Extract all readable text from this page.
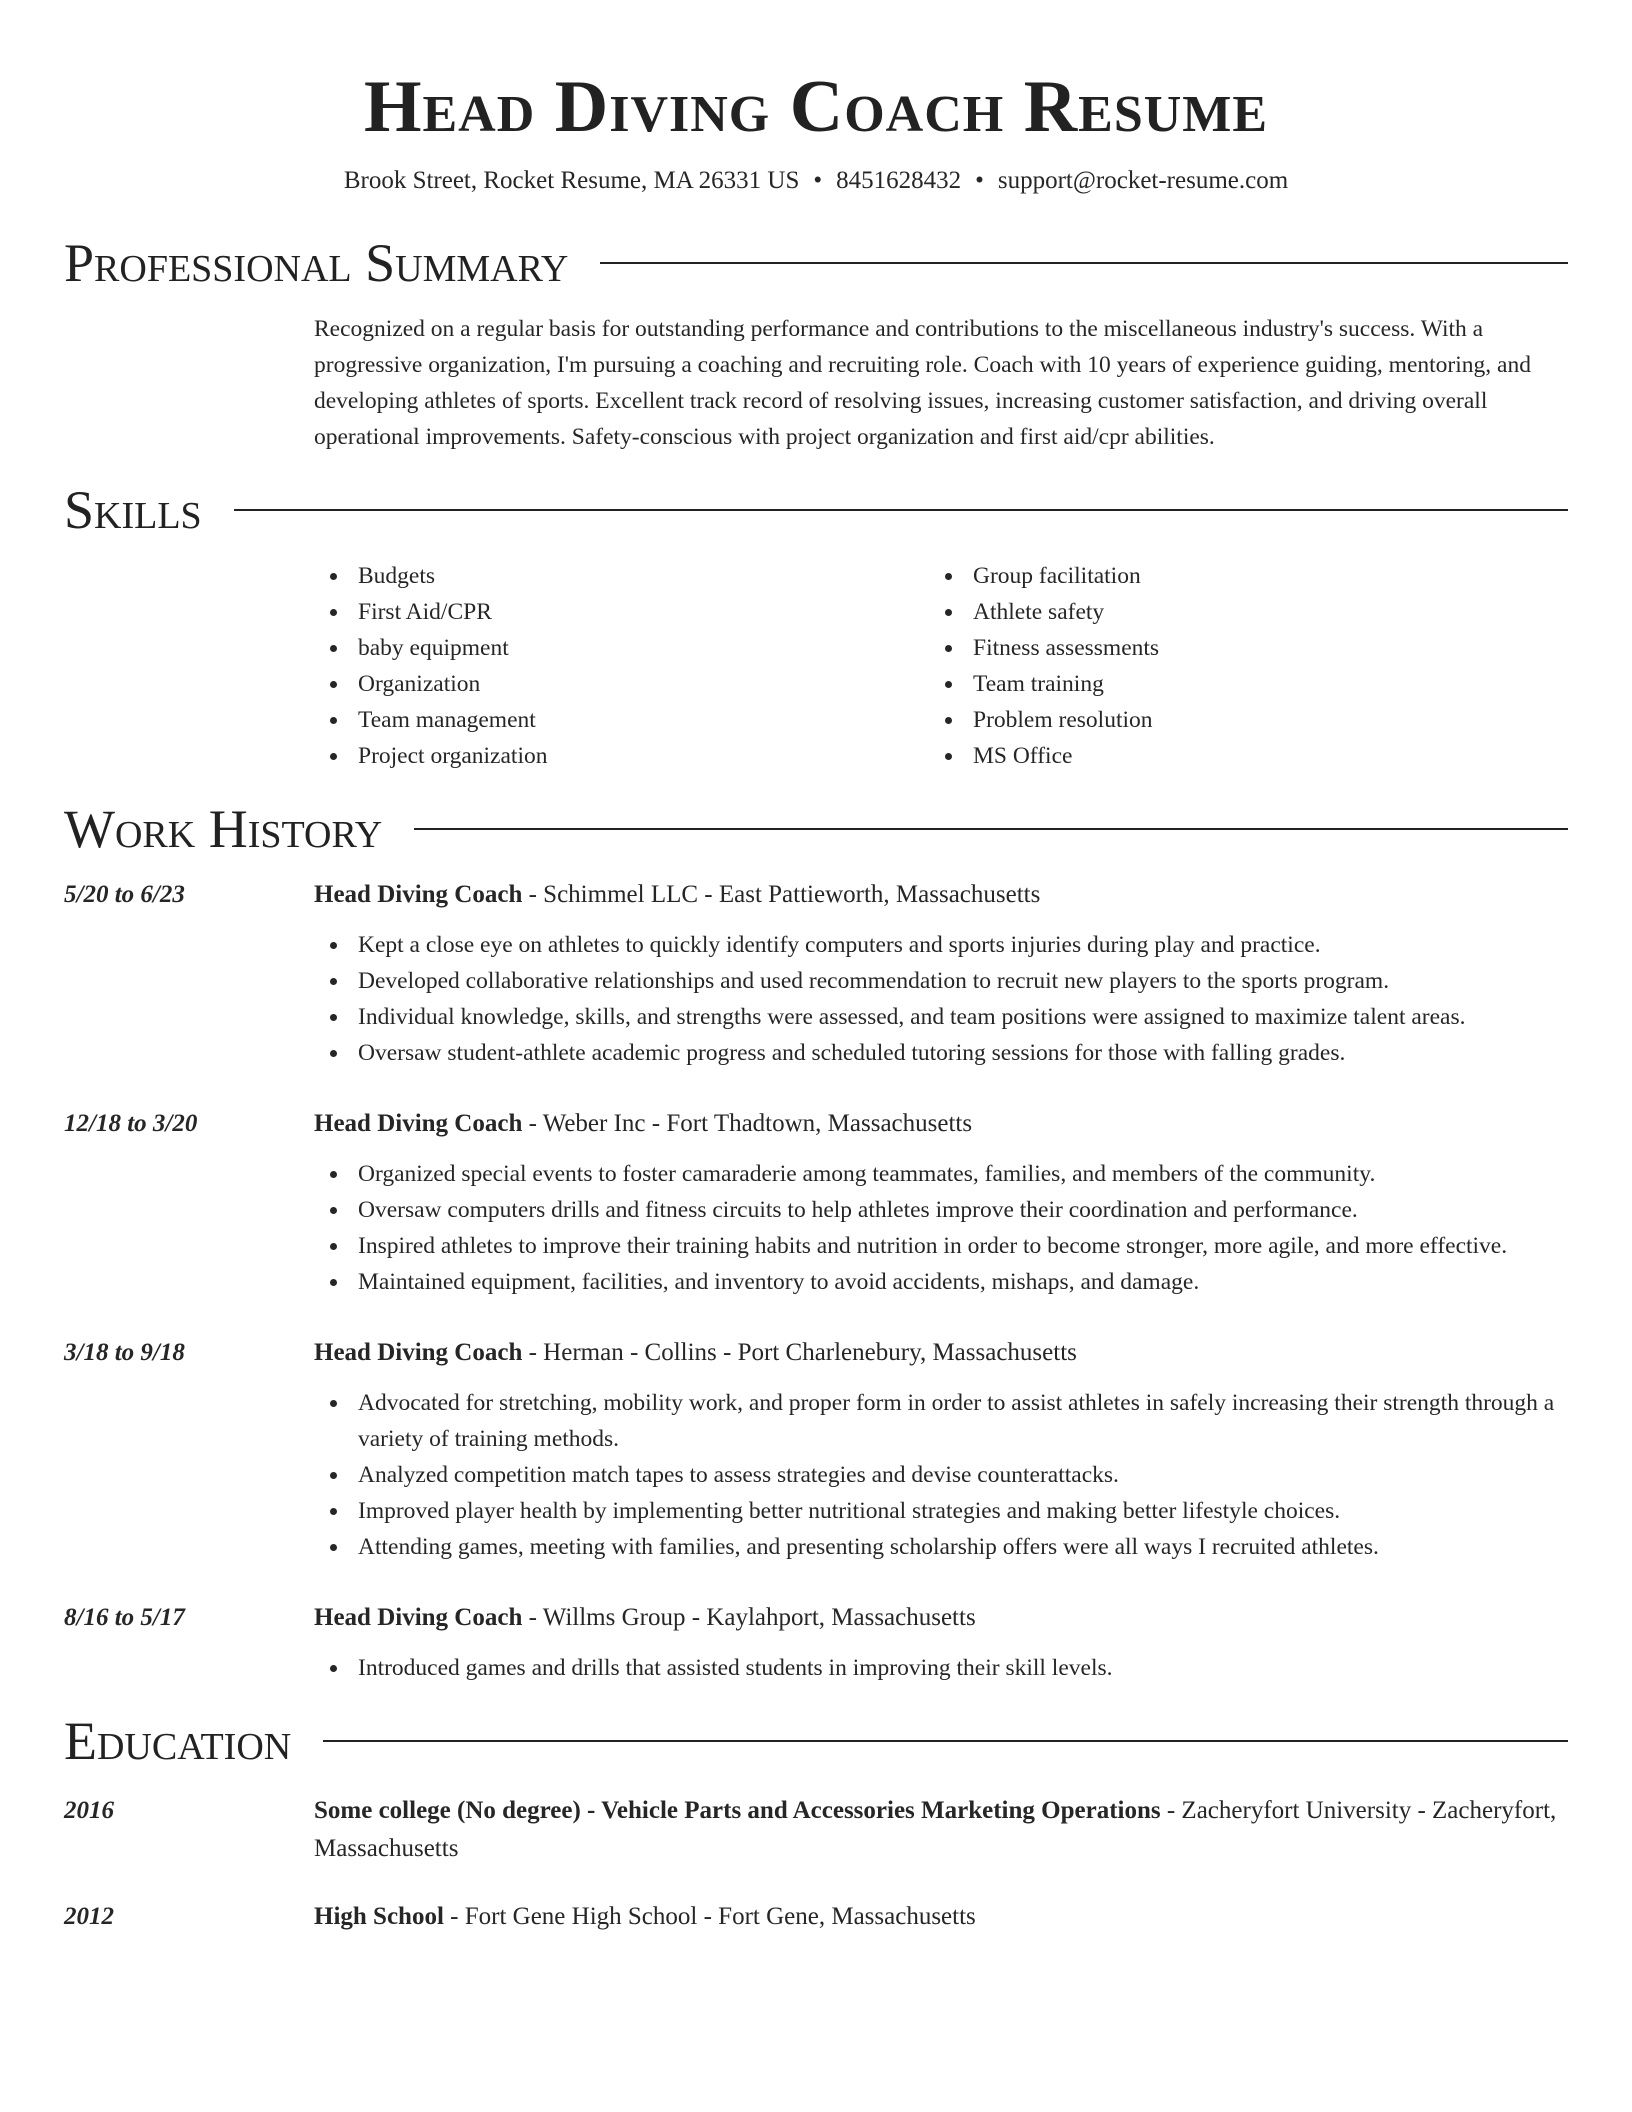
Head Diving Coach Resume
Brook Street, Rocket Resume, MA 26331 US • 8451628432 • support@rocket-resume.com
Professional Summary

Recognized on a regular basis for outstanding performance and contributions to the miscellaneous industry's success. With a progressive organization, I'm pursuing a coaching and recruiting role. Coach with 10 years of experience guiding, mentoring, and developing athletes of sports. Excellent track record of resolving issues, increasing customer satisfaction, and driving overall operational improvements. Safety-conscious with project organization and first aid/cpr abilities.

Skills
Budgets
First Aid/CPR
baby equipment
Organization
Team management
Project organization
Group facilitation
Athlete safety
Fitness assessments
Team training
Problem resolution
MS Office
Work History
5/20 to 6/23	Head Diving Coach - Schimmel LLC - East Pattieworth, Massachusetts
Kept a close eye on athletes to quickly identify computers and sports injuries during play and practice.
Developed collaborative relationships and used recommendation to recruit new players to the sports program.
Individual knowledge, skills, and strengths were assessed, and team positions were assigned to maximize talent areas.
Oversaw student-athlete academic progress and scheduled tutoring sessions for those with falling grades.
12/18 to 3/20	Head Diving Coach - Weber Inc - Fort Thadtown, Massachusetts
Organized special events to foster camaraderie among teammates, families, and members of the community.
Oversaw computers drills and fitness circuits to help athletes improve their coordination and performance.
Inspired athletes to improve their training habits and nutrition in order to become stronger, more agile, and more effective.
Maintained equipment, facilities, and inventory to avoid accidents, mishaps, and damage.
3/18 to 9/18	Head Diving Coach - Herman - Collins - Port Charlenebury, Massachusetts
Advocated for stretching, mobility work, and proper form in order to assist athletes in safely increasing their strength through a variety of training methods.
Analyzed competition match tapes to assess strategies and devise counterattacks.
Improved player health by implementing better nutritional strategies and making better lifestyle choices.
Attending games, meeting with families, and presenting scholarship offers were all ways I recruited athletes.
8/16 to 5/17	Head Diving Coach - Willms Group - Kaylahport, Massachusetts
Introduced games and drills that assisted students in improving their skill levels.
Education
2016	Some college (No degree) - Vehicle Parts and Accessories Marketing Operations - Zacheryfort University - Zacheryfort, Massachusetts
2012	High School - Fort Gene High School - Fort Gene, Massachusetts
